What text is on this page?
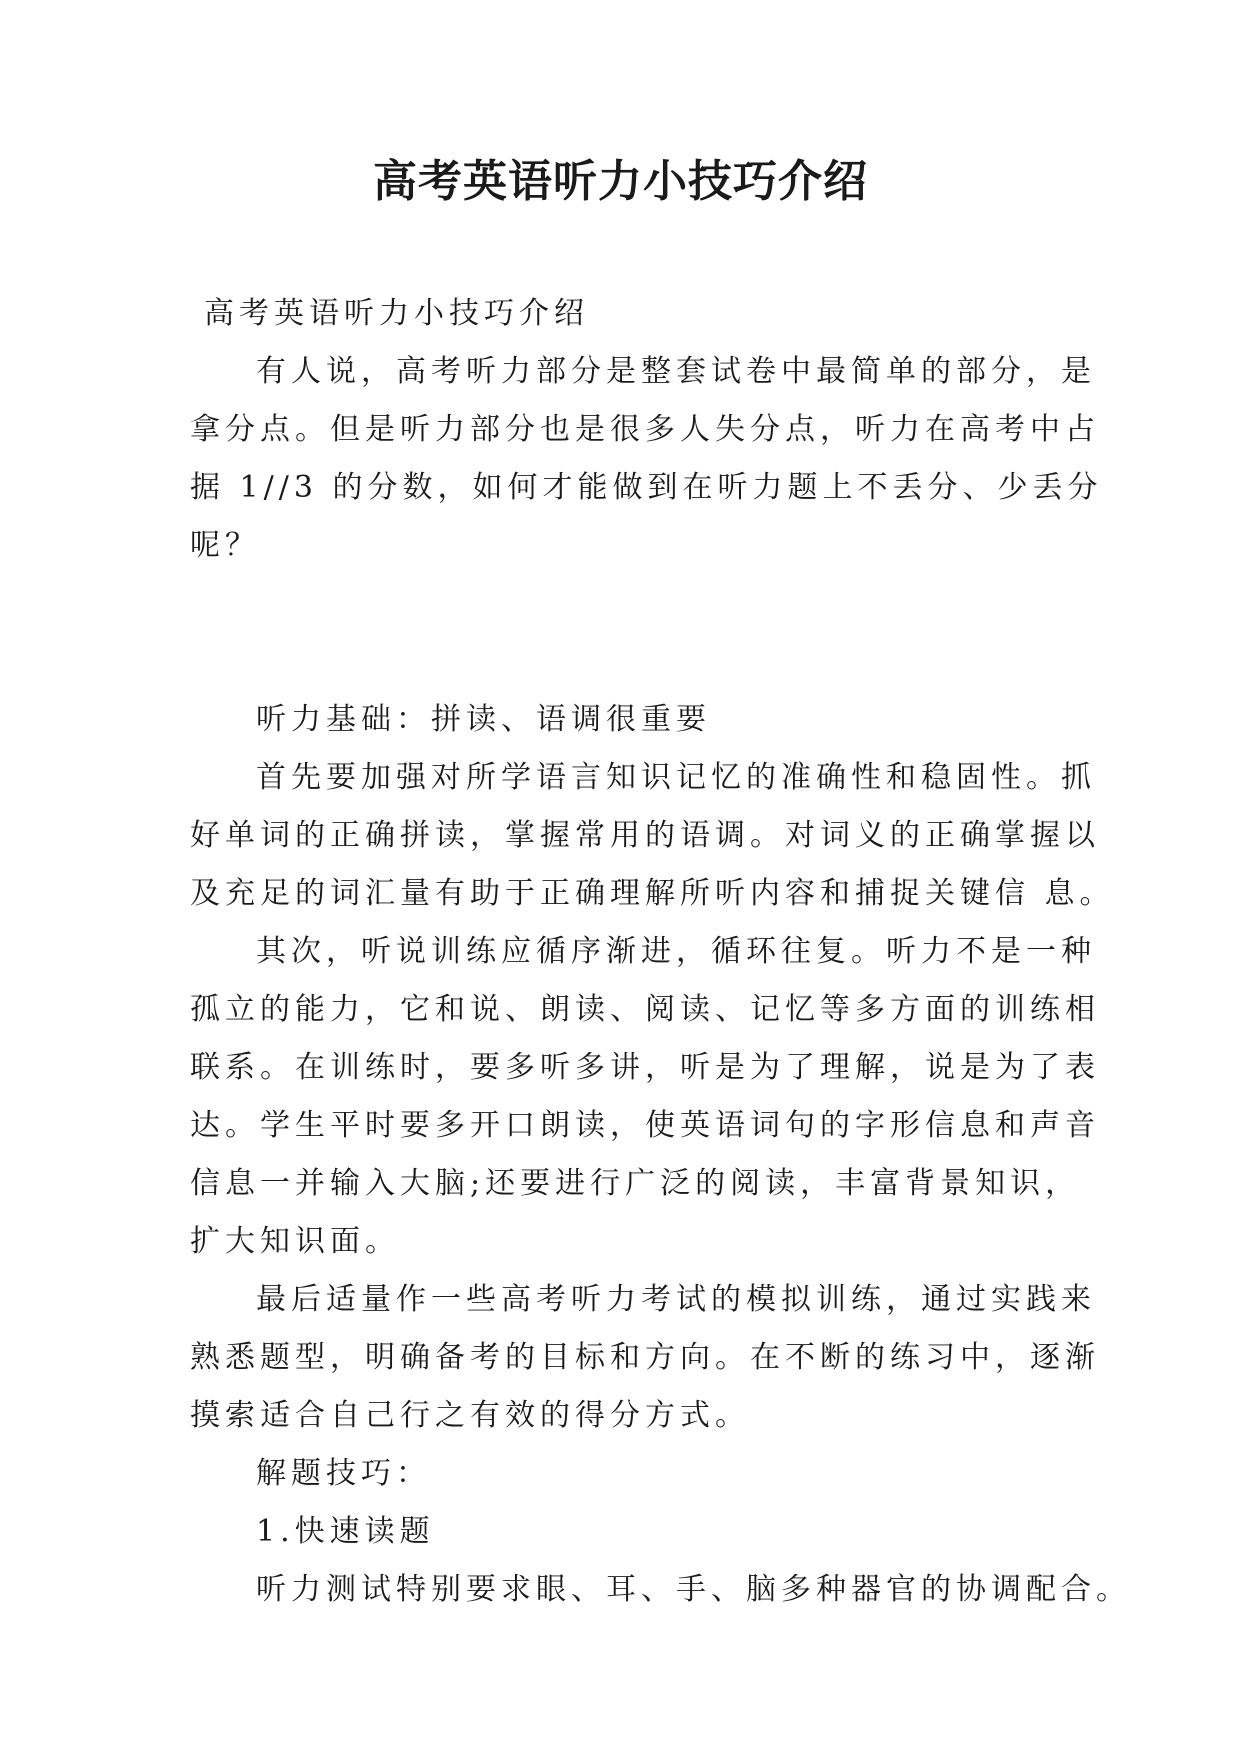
高考英语听力小技巧介绍
高考英语听力小技巧介绍
有人说，高考听力部分是整套试卷中最简单的部分，是
拿分点。但是听力部分也是很多人失分点，听力在高考中占
据 1//3 的分数，如何才能做到在听力题上不丢分、少丢分
呢？
听力基础：拼读、语调很重要
首先要加强对所学语言知识记忆的准确性和稳固性。抓
好单词的正确拼读，掌握常用的语调。对词义的正确掌握以
及充足的词汇量有助于正确理解所听内容和捕捉关键信 息。
其次，听说训练应循序渐进，循环往复。听力不是一种
孤立的能力，它和说、朗读、阅读、记忆等多方面的训练相
联系。在训练时，要多听多讲，听是为了理解，说是为了表
达。学生平时要多开口朗读，使英语词句的字形信息和声音
信息一并输入大脑;还要进行广泛的阅读，丰富背景知识，
扩大知识面。
最后适量作一些高考听力考试的模拟训练，通过实践来
熟悉题型，明确备考的目标和方向。在不断的练习中，逐渐
摸索适合自己行之有效的得分方式。
解题技巧：
1.快速读题
听力测试特别要求眼、耳、手、脑多种器官的协调配合。
